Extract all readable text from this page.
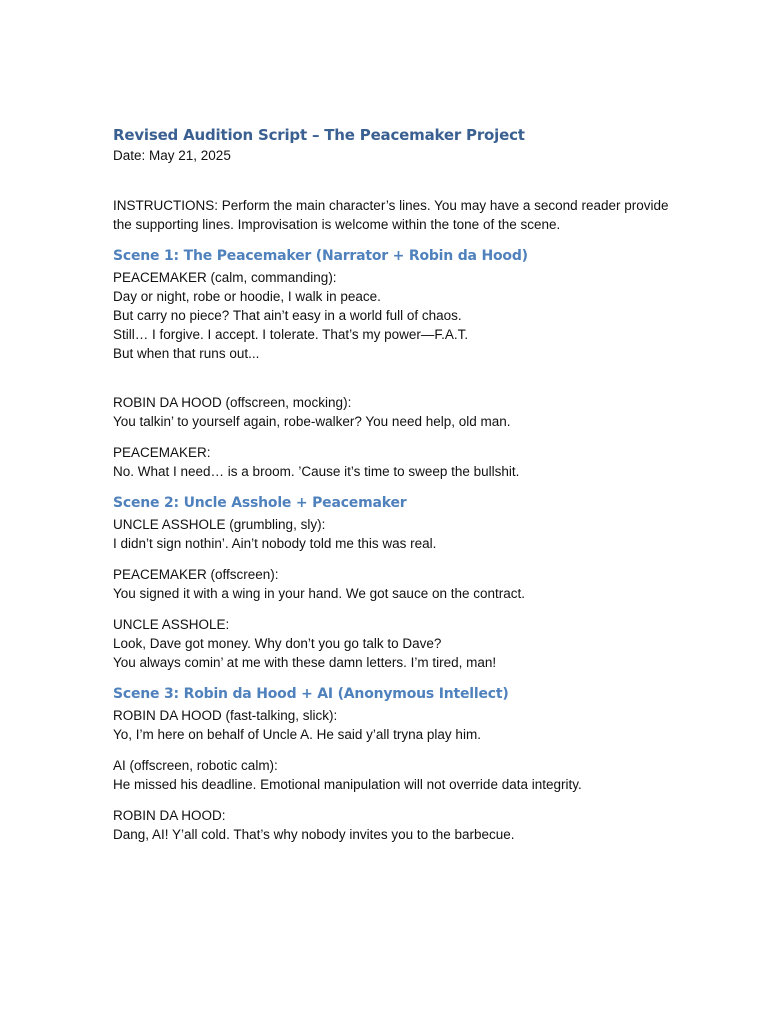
Revised Audition Script – The Peacemaker Project

Date: May 21, 2025

INSTRUCTIONS: Perform the main character’s lines. You may have a second reader provide the supporting lines. Improvisation is welcome within the tone of the scene.

Scene 1: The Peacemaker (Narrator + Robin da Hood)
PEACEMAKER (calm, commanding):
Day or night, robe or hoodie, I walk in peace.
But carry no piece? That ain’t easy in a world full of chaos.
Still… I forgive. I accept. I tolerate. That’s my power—F.A.T.
But when that runs out...
ROBIN DA HOOD (offscreen, mocking):
You talkin’ to yourself again, robe-walker? You need help, old man.
PEACEMAKER:
No. What I need… is a broom. ’Cause it’s time to sweep the bullshit.
Scene 2: Uncle Asshole + Peacemaker
UNCLE ASSHOLE (grumbling, sly):
I didn’t sign nothin’. Ain’t nobody told me this was real.
PEACEMAKER (offscreen):
You signed it with a wing in your hand. We got sauce on the contract.
UNCLE ASSHOLE:
Look, Dave got money. Why don’t you go talk to Dave?
You always comin’ at me with these damn letters. I’m tired, man!
Scene 3: Robin da Hood + AI (Anonymous Intellect)
ROBIN DA HOOD (fast-talking, slick):
Yo, I’m here on behalf of Uncle A. He said y’all tryna play him.
AI (offscreen, robotic calm):
He missed his deadline. Emotional manipulation will not override data integrity.
ROBIN DA HOOD:
Dang, AI! Y’all cold. That’s why nobody invites you to the barbecue.
